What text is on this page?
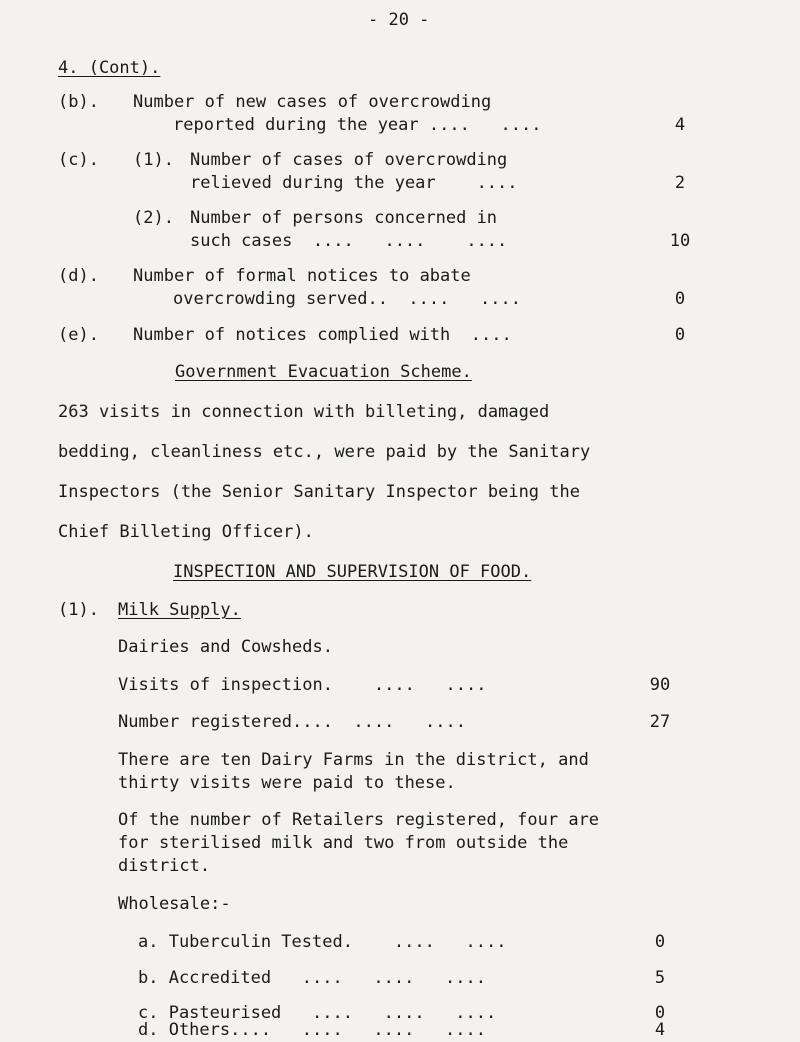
- 20 -
4. (Cont).
(b). Number of new cases of overcrowding
reported during the year ....   ....	4
(c). (1). Number of cases of overcrowding
relieved during the year    ....	2
(2). Number of persons concerned in
such cases  ....   ....    ....	10
(d). Number of formal notices to abate
overcrowding served..  ....   ....	0
(e). Number of notices complied with  ....	0
Government Evacuation Scheme.
263 visits in connection with billeting, damaged
bedding, cleanliness etc., were paid by the Sanitary
Inspectors (the Senior Sanitary Inspector being the
Chief Billeting Officer).
INSPECTION AND SUPERVISION OF FOOD.
(1). Milk Supply.
Dairies and Cowsheds.
Visits of inspection.    ....   ....	90
Number registered....  ....   ....	27
There are ten Dairy Farms in the district, and
thirty visits were paid to these.
Of the number of Retailers registered, four are
for sterilised milk and two from outside the
district.
Wholesale:-
a. Tuberculin Tested.    ....   ....	0
b. Accredited   ....   ....   ....	5
c. Pasteurised   ....   ....   ....	0
d. Others....   ....   ....   ....	4
